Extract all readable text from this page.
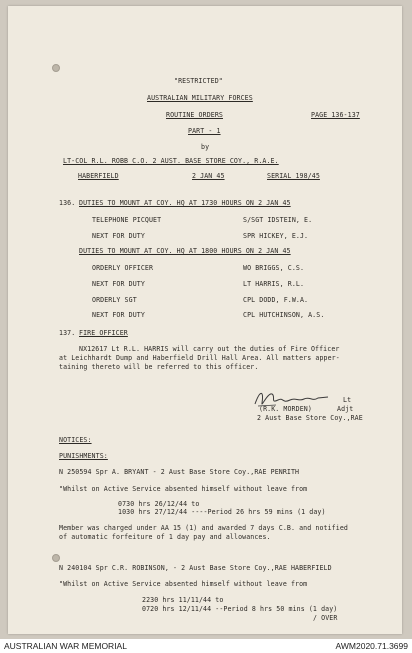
"RESTRICTED"
AUSTRALIAN MILITARY FORCES
ROUTINE ORDERS	PAGE 136-137
PART - 1
by
LT-COL R.L. ROBB C.O. 2 AUST. BASE STORE COY., R.A.E.
HABERFIELD	2 JAN 45	SERIAL 198/45
136. DUTIES TO MOUNT AT COY. HQ AT 1730 HOURS ON 2 JAN 45
TELEPHONE PICQUET	S/SGT IDSTEIN, E.
NEXT FOR DUTY	SPR HICKEY, E.J.
DUTIES TO MOUNT AT COY. HQ AT 1800 HOURS ON 2 JAN 45
ORDERLY OFFICER	WO BRIGGS, C.S.
NEXT FOR DUTY	LT HARRIS, R.L.
ORDERLY SGT	CPL DODD, F.W.A.
NEXT FOR DUTY	CPL HUTCHINSON, A.S.
137. FIRE OFFICER
NX12617 Lt R.L. HARRIS will carry out the duties of Fire Officer
at Leichhardt Dump and Haberfield Drill Hall Area. All matters apper-
taining thereto will be referred to this officer.
Lt
(R.K. MORDEN)	Adjt
2 Aust Base Store Coy.,RAE
NOTICES:
PUNISHMENTS:
N 250594 Spr A. BRYANT - 2 Aust Base Store Coy.,RAE PENRITH
"Whilst on Active Service absented himself without leave from
0730 hrs 26/12/44 to
1030 hrs 27/12/44 ----Period 26 hrs 59 mins (1 day)
Member was charged under AA 15 (1) and awarded 7 days C.B. and notified
of automatic forfeiture of 1 day pay and allowances.
N 240104 Spr C.R. ROBINSON, - 2 Aust Base Store Coy.,RAE HABERFIELD
"Whilst on Active Service absented himself without leave from
2230 hrs 11/11/44 to
0720 hrs 12/11/44 --Period 8 hrs 50 mins (1 day)
/ OVER
AUSTRALIAN WAR MEMORIAL	AWM2020.71.3699
